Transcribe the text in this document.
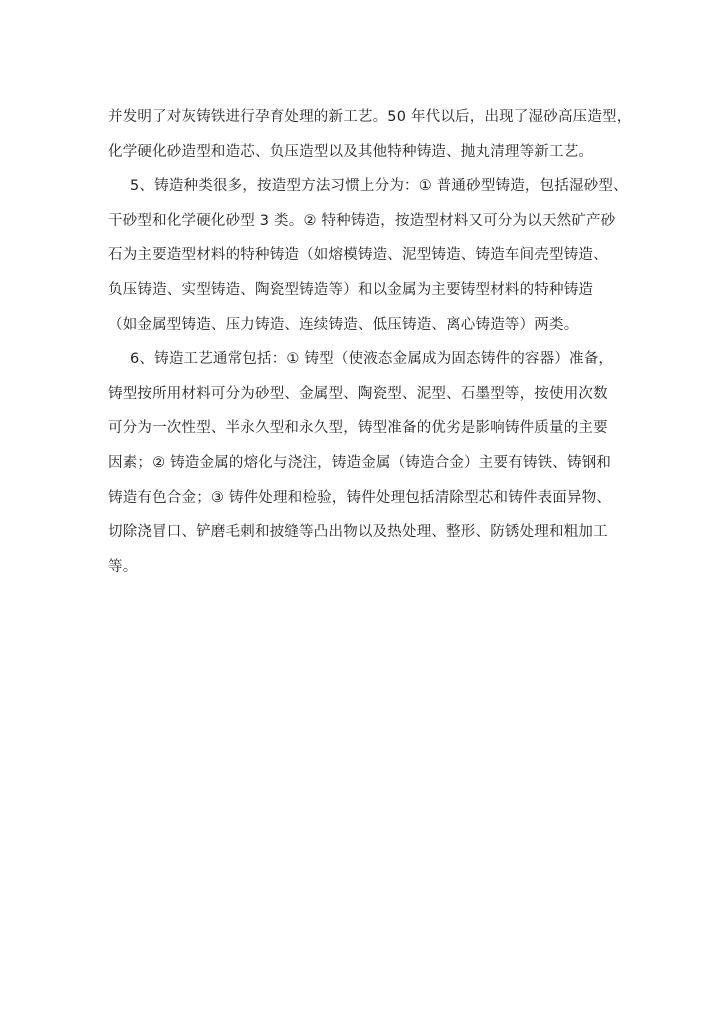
并发明了对灰铸铁进行孕育处理的新工艺。50 年代以后，出现了湿砂高压造型，
化学硬化砂造型和造芯、负压造型以及其他特种铸造、抛丸清理等新工艺。
5、铸造种类很多，按造型方法习惯上分为：① 普通砂型铸造，包括湿砂型、
干砂型和化学硬化砂型 3 类。② 特种铸造，按造型材料又可分为以天然矿产砂
石为主要造型材料的特种铸造（如熔模铸造、泥型铸造、铸造车间壳型铸造、
负压铸造、实型铸造、陶瓷型铸造等）和以金属为主要铸型材料的特种铸造
（如金属型铸造、压力铸造、连续铸造、低压铸造、离心铸造等）两类。
6、铸造工艺通常包括：① 铸型（使液态金属成为固态铸件的容器）准备，
铸型按所用材料可分为砂型、金属型、陶瓷型、泥型、石墨型等，按使用次数
可分为一次性型、半永久型和永久型，铸型准备的优劣是影响铸件质量的主要
因素；② 铸造金属的熔化与浇注，铸造金属（铸造合金）主要有铸铁、铸钢和
铸造有色合金；③ 铸件处理和检验，铸件处理包括清除型芯和铸件表面异物、
切除浇冒口、铲磨毛刺和披缝等凸出物以及热处理、整形、防锈处理和粗加工
等。
